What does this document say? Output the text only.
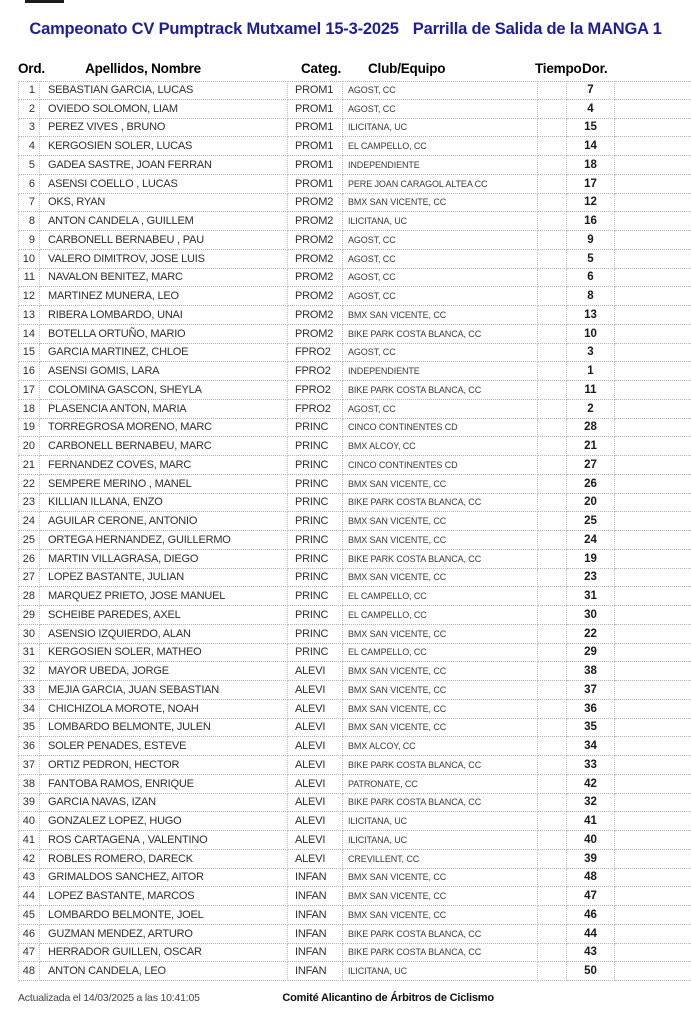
Campeonato CV Pumptrack Mutxamel 15-3-2025 Parrilla de Salida de la MANGA 1
Ord.	Apellidos, Nombre	Categ.	Club/Equipo	Tiempo Dor.
1	SEBASTIAN GARCIA, LUCAS	PROM1	AGOST, CC	7
2	OVIEDO SOLOMON, LIAM	PROM1	AGOST, CC	4
3	PEREZ VIVES , BRUNO	PROM1	ILICITANA, UC	15
4	KERGOSIEN SOLER, LUCAS	PROM1	EL CAMPELLO, CC	14
5	GADEA SASTRE, JOAN FERRAN	PROM1	INDEPENDIENTE	18
6	ASENSI COELLO , LUCAS	PROM1	PERE JOAN CARAGOL ALTEA CC	17
7	OKS, RYAN	PROM2	BMX SAN VICENTE, CC	12
8	ANTON CANDELA , GUILLEM	PROM2	ILICITANA, UC	16
9	CARBONELL BERNABEU , PAU	PROM2	AGOST, CC	9
10	VALERO DIMITROV, JOSE LUIS	PROM2	AGOST, CC	5
11	NAVALON BENITEZ, MARC	PROM2	AGOST, CC	6
12	MARTINEZ MUNERA, LEO	PROM2	AGOST, CC	8
13	RIBERA LOMBARDO, UNAI	PROM2	BMX SAN VICENTE, CC	13
14	BOTELLA ORTUÑO, MARIO	PROM2	BIKE PARK COSTA BLANCA, CC	10
15	GARCIA MARTINEZ, CHLOE	FPRO2	AGOST, CC	3
16	ASENSI GOMIS, LARA	FPRO2	INDEPENDIENTE	1
17	COLOMINA GASCON, SHEYLA	FPRO2	BIKE PARK COSTA BLANCA, CC	11
18	PLASENCIA ANTON, MARIA	FPRO2	AGOST, CC	2
19	TORREGROSA MORENO, MARC	PRINC	CINCO CONTINENTES CD	28
20	CARBONELL BERNABEU, MARC	PRINC	BMX ALCOY, CC	21
21	FERNANDEZ COVES, MARC	PRINC	CINCO CONTINENTES CD	27
22	SEMPERE MERINO , MANEL	PRINC	BMX SAN VICENTE, CC	26
23	KILLIAN ILLANA, ENZO	PRINC	BIKE PARK COSTA BLANCA, CC	20
24	AGUILAR CERONE, ANTONIO	PRINC	BMX SAN VICENTE, CC	25
25	ORTEGA HERNANDEZ, GUILLERMO	PRINC	BMX SAN VICENTE, CC	24
26	MARTIN VILLAGRASA, DIEGO	PRINC	BIKE PARK COSTA BLANCA, CC	19
27	LOPEZ BASTANTE, JULIAN	PRINC	BMX SAN VICENTE, CC	23
28	MARQUEZ PRIETO, JOSE MANUEL	PRINC	EL CAMPELLO, CC	31
29	SCHEIBE PAREDES, AXEL	PRINC	EL CAMPELLO, CC	30
30	ASENSIO IZQUIERDO, ALAN	PRINC	BMX SAN VICENTE, CC	22
31	KERGOSIEN SOLER, MATHEO	PRINC	EL CAMPELLO, CC	29
32	MAYOR UBEDA, JORGE	ALEVI	BMX SAN VICENTE, CC	38
33	MEJIA GARCIA, JUAN SEBASTIAN	ALEVI	BMX SAN VICENTE, CC	37
34	CHICHIZOLA MOROTE, NOAH	ALEVI	BMX SAN VICENTE, CC	36
35	LOMBARDO BELMONTE, JULEN	ALEVI	BMX SAN VICENTE, CC	35
36	SOLER PENADES, ESTEVE	ALEVI	BMX ALCOY, CC	34
37	ORTIZ PEDRON, HECTOR	ALEVI	BIKE PARK COSTA BLANCA, CC	33
38	FANTOBA RAMOS, ENRIQUE	ALEVI	PATRONATE, CC	42
39	GARCIA NAVAS, IZAN	ALEVI	BIKE PARK COSTA BLANCA, CC	32
40	GONZALEZ LOPEZ, HUGO	ALEVI	ILICITANA, UC	41
41	ROS CARTAGENA , VALENTINO	ALEVI	ILICITANA, UC	40
42	ROBLES ROMERO, DARECK	ALEVI	CREVILLENT, CC	39
43	GRIMALDOS SANCHEZ, AITOR	INFAN	BMX SAN VICENTE, CC	48
44	LOPEZ BASTANTE, MARCOS	INFAN	BMX SAN VICENTE, CC	47
45	LOMBARDO BELMONTE, JOEL	INFAN	BMX SAN VICENTE, CC	46
46	GUZMAN MENDEZ, ARTURO	INFAN	BIKE PARK COSTA BLANCA, CC	44
47	HERRADOR GUILLEN, OSCAR	INFAN	BIKE PARK COSTA BLANCA, CC	43
48	ANTON CANDELA, LEO	INFAN	ILICITANA, UC	50
Actualizada el 14/03/2025 a las 10:41:05	Comité Alicantino de Árbitros de Ciclismo
